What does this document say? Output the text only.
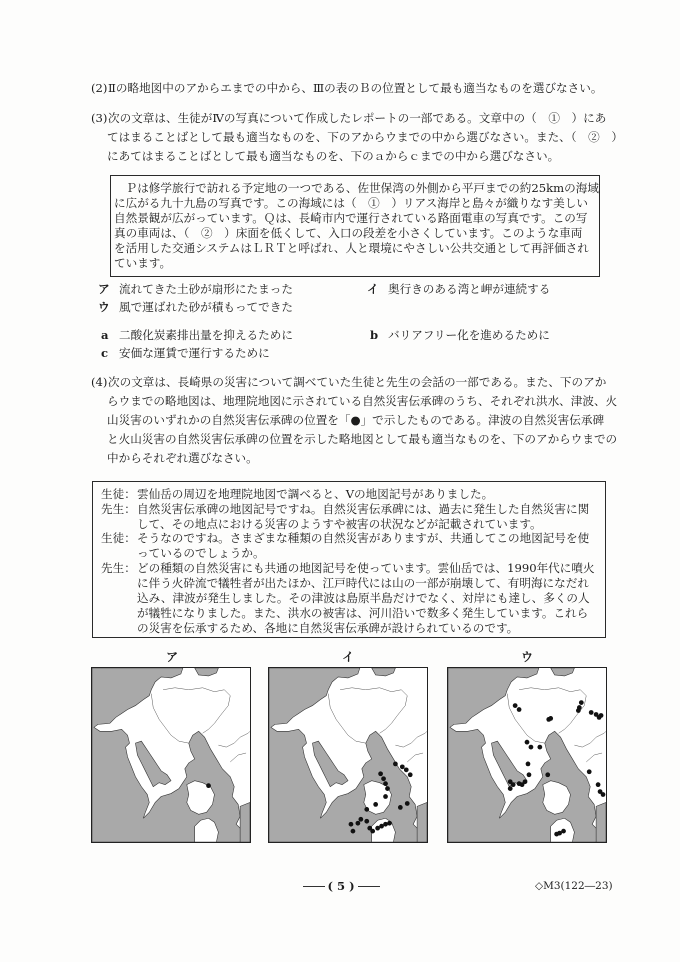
(2) Ⅱの略地図中のアからエまでの中から、Ⅲの表のＢの位置として最も適当なものを選びなさい。
(3) 次の文章は、生徒がⅣの写真について作成したレポートの一部である。文章中の（　①　）にあ
てはまることばとして最も適当なものを、下のアからウまでの中から選びなさい。また、（　②　）
にあてはまることばとして最も適当なものを、下のａからｃまでの中から選びなさい。
　Ｐは修学旅行で訪れる予定地の一つである、佐世保湾の外側から平戸までの約25kmの海域
に広がる九十九島の写真です。この海域には（　①　）リアス海岸と島々が織りなす美しい
自然景観が広がっています。Ｑは、長崎市内で運行されている路面電車の写真です。この写
真の車両は、（　②　）床面を低くして、入口の段差を小さくしています。このような車両
を活用した交通システムはＬＲＴと呼ばれ、人と環境にやさしい公共交通として再評価され
ています。
ア 流れてきた土砂が扇形にたまった	イ 奥行きのある湾と岬が連続する
ウ 風で運ばれた砂が積もってできた
a 二酸化炭素排出量を抑えるために	b バリアフリー化を進めるために
c 安価な運賃で運行するために
(4) 次の文章は、長崎県の災害について調べていた生徒と先生の会話の一部である。また、下のアか
らウまでの略地図は、地理院地図に示されている自然災害伝承碑のうち、それぞれ洪水、津波、火
山災害のいずれかの自然災害伝承碑の位置を「●」で示したものである。津波の自然災害伝承碑
と火山災害の自然災害伝承碑の位置を示した略地図として最も適当なものを、下のアからウまでの
中からそれぞれ選びなさい。
生徒： 雲仙岳の周辺を地理院地図で調べると、Ⅴの地図記号がありました。
先生： 自然災害伝承碑の地図記号ですね。自然災害伝承碑には、過去に発生した自然災害に関
して、その地点における災害のようすや被害の状況などが記載されています。
生徒： そうなのですね。さまざまな種類の自然災害がありますが、共通してこの地図記号を使
っているのでしょうか。
先生： どの種類の自然災害にも共通の地図記号を使っています。雲仙岳では、1990年代に噴火
に伴う火砕流で犠牲者が出たほか、江戸時代には山の一部が崩壊して、有明海になだれ
込み、津波が発生しました。その津波は島原半島だけでなく、対岸にも達し、多くの人
が犠牲になりました。また、洪水の被害は、河川沿いで数多く発生しています。これら
の災害を伝承するため、各地に自然災害伝承碑が設けられているのです。
ア	イ	ウ
( 5 )	◇M3(122―23)
